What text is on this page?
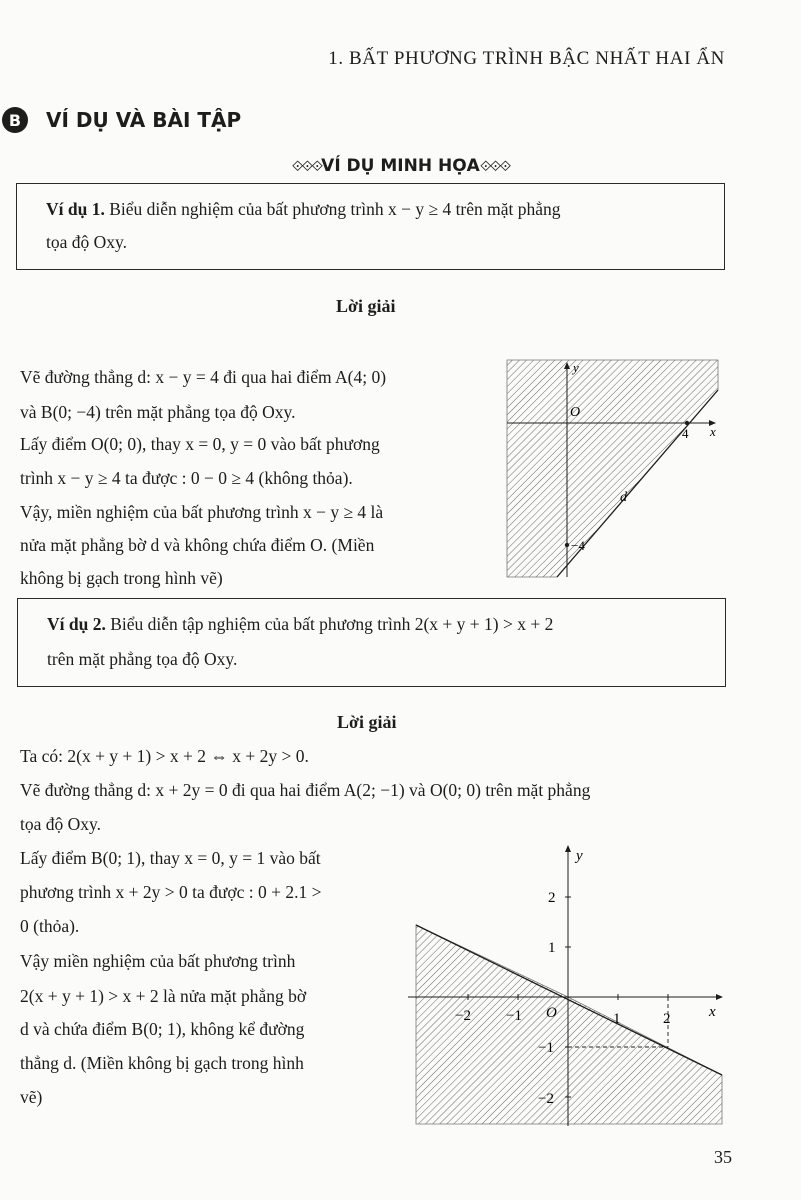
1. BẤT PHƯƠNG TRÌNH BẬC NHẤT HAI ẨN
B	VÍ DỤ VÀ BÀI TẬP
⟐⟐⟐VÍ DỤ MINH HỌA⟐⟐⟐
Ví dụ 1. Biểu diễn nghiệm của bất phương trình x − y ≥ 4 trên mặt phẳng
tọa độ Oxy.
Lời giải
Vẽ đường thẳng d: x − y = 4 đi qua hai điểm A(4; 0)
và B(0; −4) trên mặt phẳng tọa độ Oxy.
Lấy điểm O(0; 0), thay x = 0, y = 0 vào bất phương
trình x − y ≥ 4 ta được : 0 − 0 ≥ 4 (không thỏa).
Vậy, miền nghiệm của bất phương trình x − y ≥ 4 là
nửa mặt phẳng bờ d và không chứa điểm O. (Miền
không bị gạch trong hình vẽ)
y
x
O
4
−4
d
Ví dụ 2. Biểu diễn tập nghiệm của bất phương trình 2(x + y + 1) > x + 2
trên mặt phẳng tọa độ Oxy.
Lời giải
Ta có: 2(x + y + 1) > x + 2 ⇔ x + 2y > 0.
Vẽ đường thẳng d: x + 2y = 0 đi qua hai điểm A(2; −1) và O(0; 0) trên mặt phẳng
tọa độ Oxy.
Lấy điểm B(0; 1), thay x = 0, y = 1 vào bất
phương trình x + 2y > 0 ta được : 0 + 2.1 >
0 (thỏa).
Vậy miền nghiệm của bất phương trình
2(x + y + 1) > x + 2 là nửa mặt phẳng bờ
d và chứa điểm B(0; 1), không kể đường
thẳng d. (Miền không bị gạch trong hình
vẽ)
y
x
O
−2 −1	1	2
2
1
−1
−2
35
